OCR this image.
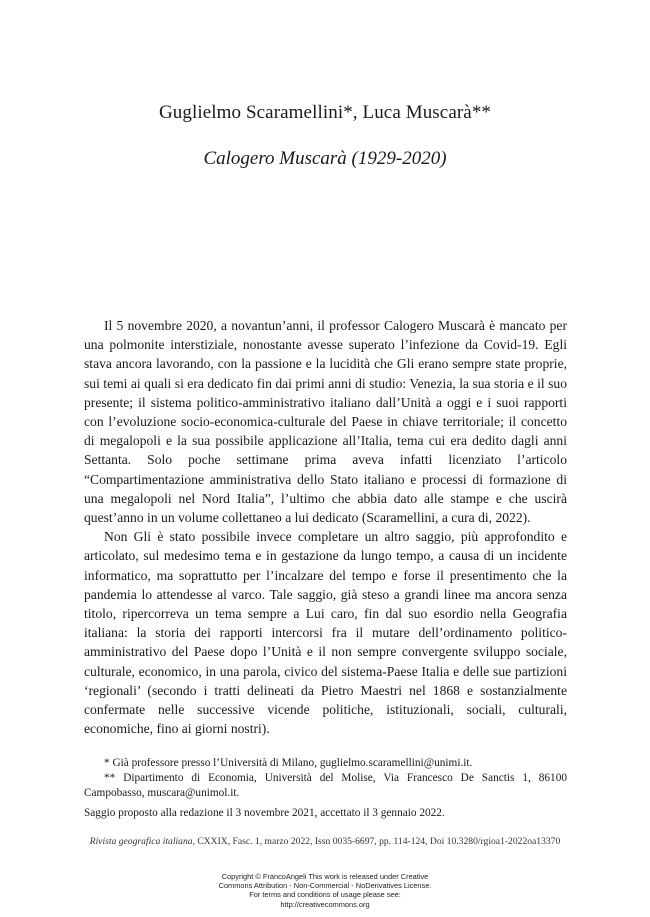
Guglielmo Scaramellini*, Luca Muscarà**
Calogero Muscarà (1929-2020)

Il 5 novembre 2020, a novantun’anni, il professor Calogero Muscarà è mancato per una polmonite interstiziale, nonostante avesse superato l’infezione da Covid-19. Egli stava ancora lavorando, con la passione e la lucidità che Gli erano sempre state proprie, sui temi ai quali si era dedicato fin dai primi anni di studio: Venezia, la sua storia e il suo presente; il sistema politico-amministrativo italiano dall’Unità a oggi e i suoi rapporti con l’evoluzione socio-economica-culturale del Paese in chiave territoriale; il concetto di megalopoli e la sua possibile applicazione all’Italia, tema cui era dedito dagli anni Settanta. Solo poche settimane prima aveva infatti licenziato l’articolo “Compartimentazione amministrativa dello Stato italiano e processi di formazione di una megalopoli nel Nord Italia”, l’ultimo che abbia dato alle stampe e che uscirà quest’anno in un volume collettaneo a lui dedicato (Scaramellini, a cura di, 2022).

Non Gli è stato possibile invece completare un altro saggio, più approfondito e articolato, sul medesimo tema e in gestazione da lungo tempo, a causa di un incidente informatico, ma soprattutto per l’incalzare del tempo e forse il presentimento che la pandemia lo attendesse al varco. Tale saggio, già steso a grandi linee ma ancora senza titolo, ripercorreva un tema sempre a Lui caro, fin dal suo esordio nella Geografia italiana: la storia dei rapporti intercorsi fra il mutare dell’ordinamento politico-amministrativo del Paese dopo l’Unità e il non sempre convergente sviluppo sociale, culturale, economico, in una parola, civico del sistema-Paese Italia e delle sue partizioni ‘regionali’ (secondo i tratti delineati da Pietro Maestri nel 1868 e sostanzialmente confermate nelle successive vicende politiche, istituzionali, sociali, culturali, economiche, fino ai giorni nostri).

* Già professore presso l’Università di Milano, guglielmo.scaramellini@unimi.it.

** Dipartimento di Economia, Università del Molise, Via Francesco De Sanctis 1, 86100 Campobasso, muscara@unimol.it.

Saggio proposto alla redazione il 3 novembre 2021, accettato il 3 gennaio 2022.

Rivista geografica italiana, CXXIX, Fasc. 1, marzo 2022, Issn 0035-6697, pp. 114-124, Doi 10.3280/rgioa1-2022oa13370
Copyright © FrancoAngeli This work is released under Creative
Commons Attribution - Non-Commercial - NoDerivatives License.
For terms and conditions of usage please see:
http://creativecommons.org
